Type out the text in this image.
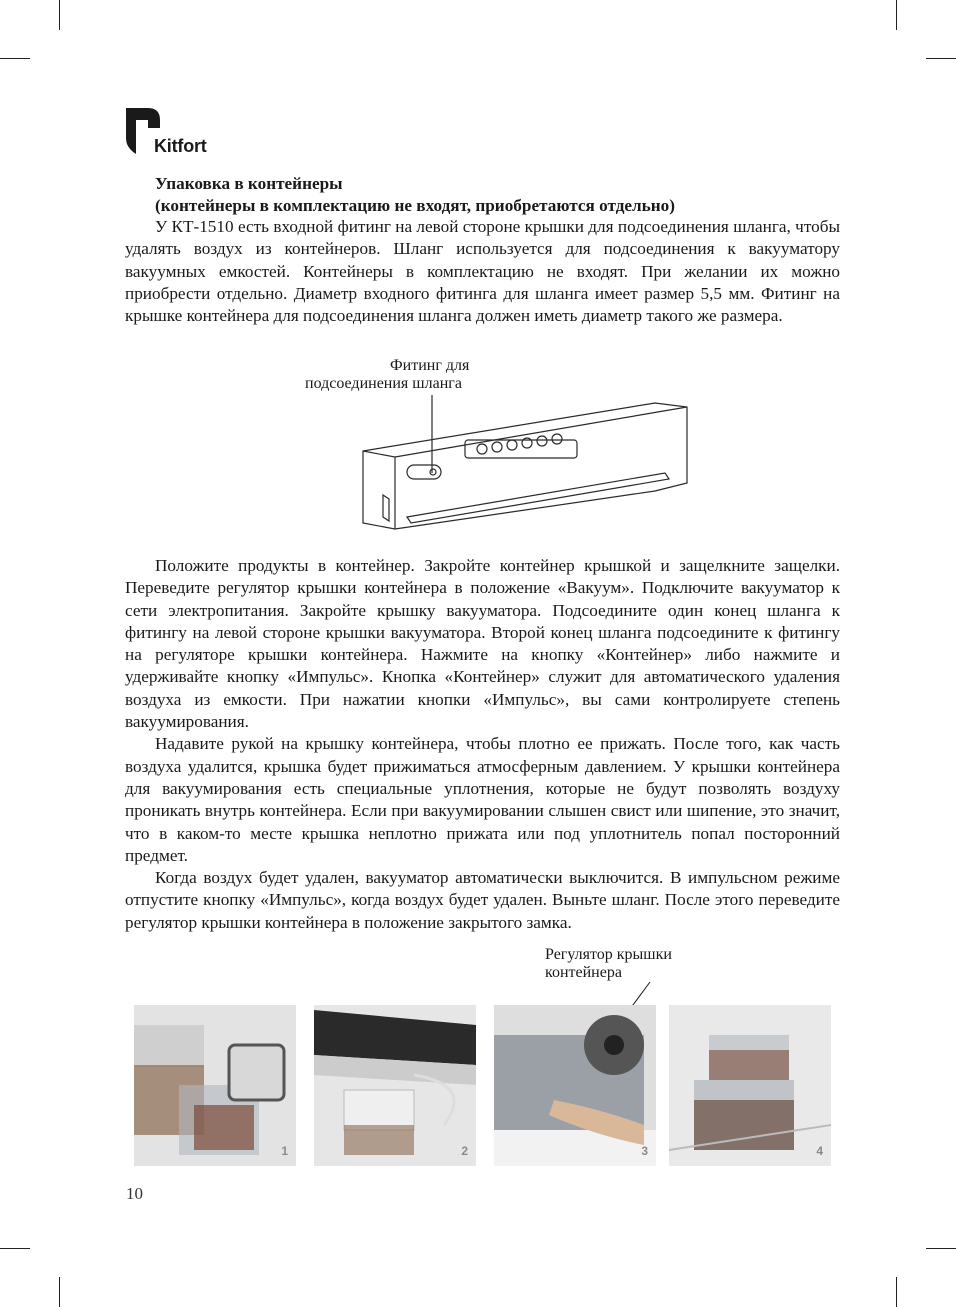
Kitfort
Упаковка в контейнеры
(контейнеры в комплектацию не входят, приобретаются отдельно)

У КТ-1510 есть входной фитинг на левой стороне крышки для подсоединения шланга, чтобы удалять воздух из контейнеров. Шланг используется для подсоединения к вакууматору вакуумных емкостей. Контейнеры в комплектацию не входят. При желании их можно приобрести отдельно. Диаметр входного фитинга для шланга имеет размер 5,5 мм. Фитинг на крышке контейнера для подсоединения шланга должен иметь диаметр такого же размера.

Фитинг для
подсоединения шланга

Положите продукты в контейнер. Закройте контейнер крышкой и защелкните защелки. Переведите регулятор крышки контейнера в положение «Вакуум». Подключите вакууматор к сети электропитания. Закройте крышку вакууматора. Подсоедините один конец шланга к фитингу на левой стороне крышки вакууматора. Второй конец шланга подсоедините к фитингу на регуляторе крышки контейнера. Нажмите на кнопку «Контейнер» либо нажмите и удерживайте кнопку «Импульс». Кнопка «Контейнер» служит для автоматического удаления воздуха из емкости. При нажатии кнопки «Импульс», вы сами контролируете степень вакуумирования.

Надавите рукой на крышку контейнера, чтобы плотно ее прижать. После того, как часть воздуха удалится, крышка будет прижиматься атмосферным давлением. У крышки контейнера для вакуумирования есть специальные уплотнения, которые не будут позволять воздуху проникать внутрь контейнера. Если при вакуумировании слышен свист или шипение, это значит, что в каком-то месте крышка неплотно прижата или под уплотнитель попал посторонний предмет.

Когда воздух будет удален, вакууматор автоматически выключится. В импульсном режиме отпустите кнопку «Импульс», когда воздух будет удален. Выньте шланг. После этого переведите регулятор крышки контейнера в положение закрытого замка.

Регулятор крышки
контейнера
1	2	3	4
10
